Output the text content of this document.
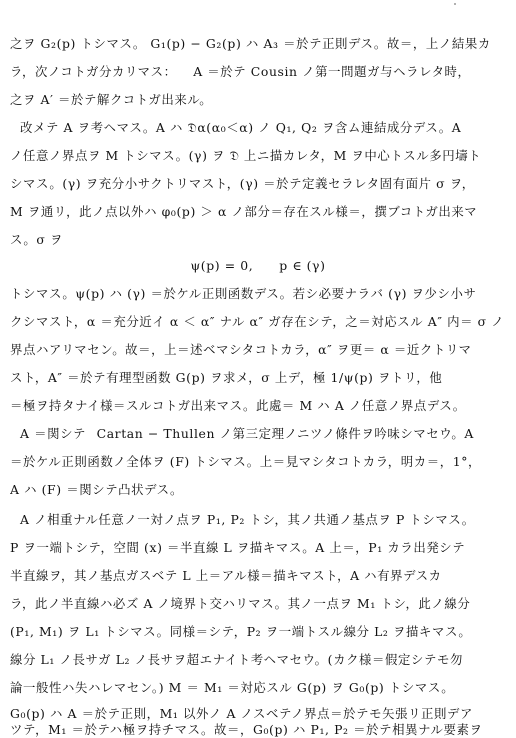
之ヲ G₂(p) トシマス。 G₁(p) − G₂(p) ハ A₃ ＝於テ正則デス。故＝，上ノ結果カ
ラ，次ノコトガ分カリマス： A ＝於テ Cousin ノ第一問題ガ与ヘラレタ時，
之ヲ A′ ＝於テ解クコトガ出来ル。
改メテ A ヲ考ヘマス。A ハ 𝔇α(α₀＜α) ノ Q₁, Q₂ ヲ含ム連結成分デス。A
ノ任意ノ界点ヲ M トシマス。(γ) ヲ 𝔇 上ニ描カレタ，M ヲ中心トスル多円壔ト
シマス。(γ) ヲ充分小サクトリマスト，(γ) ＝於テ定義セラレタ固有面片 σ ヲ，
M ヲ通リ，此ノ点以外ハ φ₀(p) ＞ α ノ部分＝存在スル様＝，撰ブコトガ出来マ
ス。σ ヲ
ψ(p) = 0,　　p ∈ (γ)
トシマス。ψ(p) ハ (γ) ＝於ケル正則函数デス。若シ必要ナラバ (γ) ヲ少シ小サ
クシマスト，α ＝充分近イ α ＜ α″ ナル α″ ガ存在シテ，之＝対応スル A″ 内＝ σ ノ
界点ハアリマセン。故＝，上＝述ベマシタコトカラ，α″ ヲ更＝ α ＝近クトリマ
スト，A″ ＝於テ有理型函数 G(p) ヲ求メ，σ 上デ，極 1/ψ(p) ヲトリ，他
＝極ヲ持タナイ様＝スルコトガ出来マス。此處＝ M ハ A ノ任意ノ界点デス。
A ＝関シテ Cartan − Thullen ノ第三定理ノニツノ條件ヲ吟味シマセウ。A
＝於ケル正則函数ノ全体ヲ (F) トシマス。上＝見マシタコトカラ，明カ＝，1°，
A ハ (F) ＝関シテ凸状デス。
A ノ相重ナル任意ノ一対ノ点ヲ P₁, P₂ トシ，其ノ共通ノ基点ヲ P トシマス。
P ヲ一端トシテ，空間 (x) ＝半直線 L ヲ描キマス。A 上＝，P₁ カラ出発シテ
半直線ヲ，其ノ基点ガスベテ L 上＝アル様＝描キマスト，A ハ有界デスカ
ラ，此ノ半直線ハ必ズ A ノ境界ト交ハリマス。其ノ一点ヲ M₁ トシ，此ノ線分
(P₁, M₁) ヲ L₁ トシマス。同様＝シテ，P₂ ヲ一端トスル線分 L₂ ヲ描キマス。
線分 L₁ ノ長サガ L₂ ノ長サヲ超エナイト考ヘマセウ。(カク様＝假定シテモ勿
論一般性ハ失ハレマセン。) M ＝ M₁ ＝対応スル G(p) ヲ G₀(p) トシマス。
G₀(p) ハ A ＝於テ正則，M₁ 以外ノ A ノスベテノ界点＝於テモ矢張リ正則デア
ツテ，M₁ ＝於テハ極ヲ持チマス。故＝，G₀(p) ハ P₁, P₂ ＝於テ相異ナル要素ヲ
